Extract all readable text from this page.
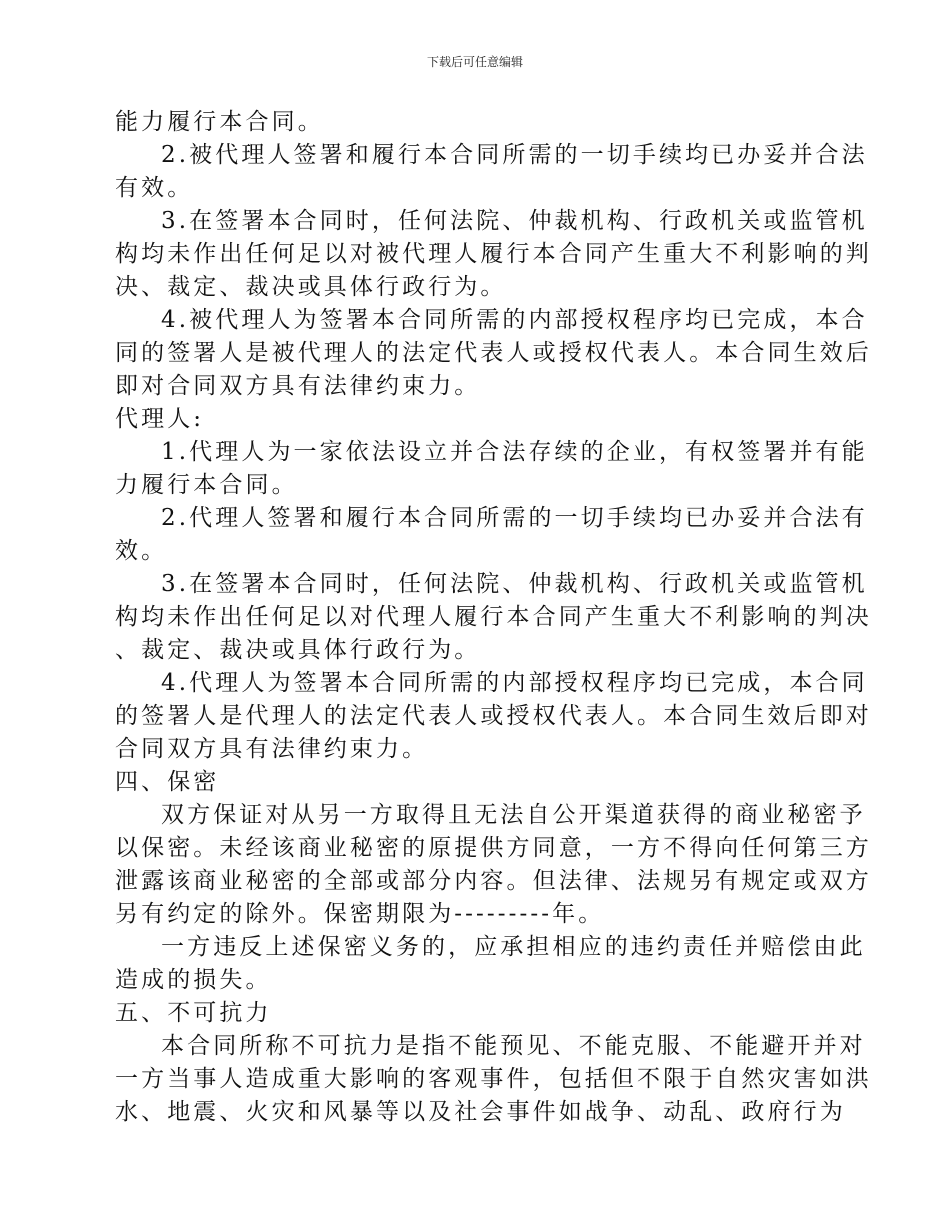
下载后可任意编辑
能力履行本合同。
2.被代理人签署和履行本合同所需的一切手续均已办妥并合法
有效。
3.在签署本合同时，任何法院、仲裁机构、行政机关或监管机
构均未作出任何足以对被代理人履行本合同产生重大不利影响的判
决、裁定、裁决或具体行政行为。
4.被代理人为签署本合同所需的内部授权程序均已完成，本合
同的签署人是被代理人的法定代表人或授权代表人。本合同生效后
即对合同双方具有法律约束力。
代理人:
1.代理人为一家依法设立并合法存续的企业，有权签署并有能
力履行本合同。
2.代理人签署和履行本合同所需的一切手续均已办妥并合法有
效。
3.在签署本合同时，任何法院、仲裁机构、行政机关或监管机
构均未作出任何足以对代理人履行本合同产生重大不利影响的判决
、裁定、裁决或具体行政行为。
4.代理人为签署本合同所需的内部授权程序均已完成，本合同
的签署人是代理人的法定代表人或授权代表人。本合同生效后即对
合同双方具有法律约束力。
四、保密
双方保证对从另一方取得且无法自公开渠道获得的商业秘密予
以保密。未经该商业秘密的原提供方同意，一方不得向任何第三方
泄露该商业秘密的全部或部分内容。但法律、法规另有规定或双方
另有约定的除外。保密期限为---------年。
一方违反上述保密义务的，应承担相应的违约责任并赔偿由此
造成的损失。
五、不可抗力
本合同所称不可抗力是指不能预见、不能克服、不能避开并对
一方当事人造成重大影响的客观事件，包括但不限于自然灾害如洪
水、地震、火灾和风暴等以及社会事件如战争、动乱、政府行为
